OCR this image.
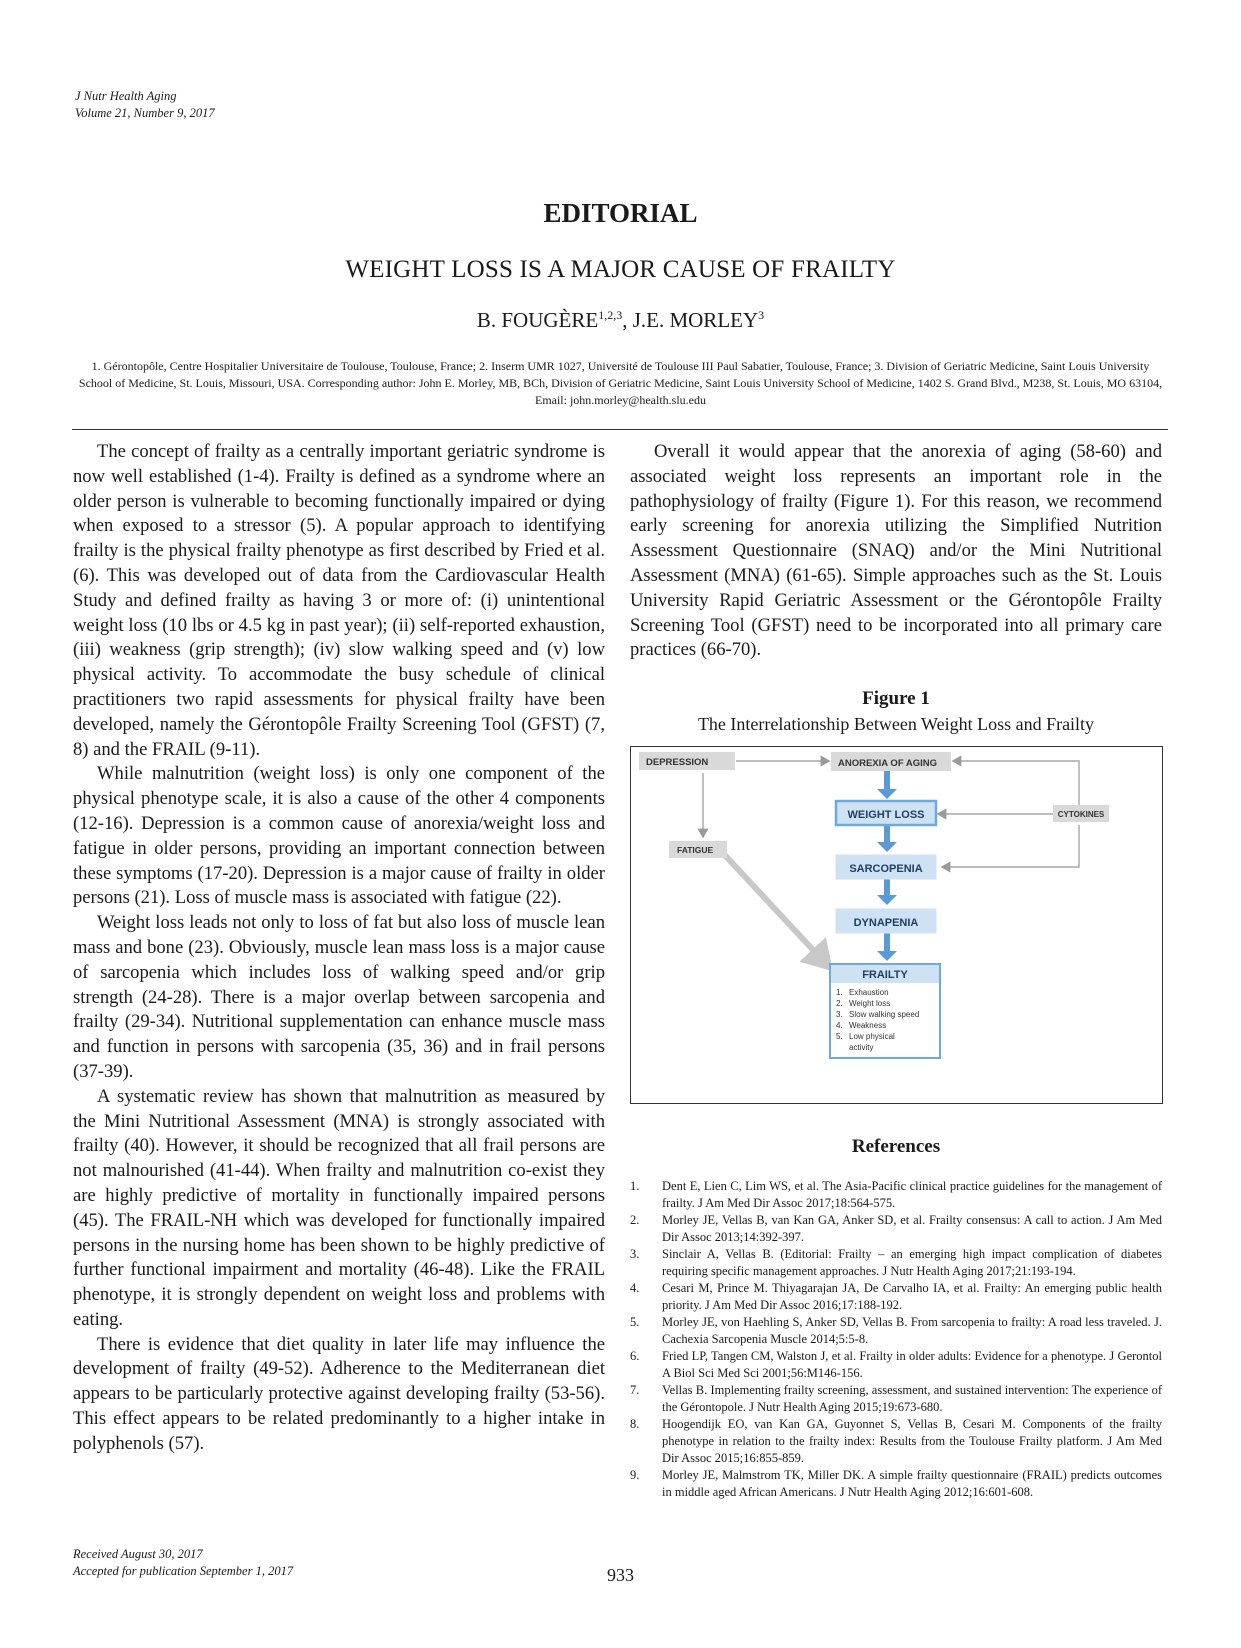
J Nutr Health Aging
Volume 21, Number 9, 2017
EDITORIAL
WEIGHT LOSS IS A MAJOR CAUSE OF FRAILTY
B. FOUGÈRE$^{1,2,3}$, J.E. MORLEY$^3$
1. Gérontopôle, Centre Hospitalier Universitaire de Toulouse, Toulouse, France; 2. Inserm UMR 1027, Université de Toulouse III Paul Sabatier, Toulouse, France; 3. Division of Geriatric Medicine, Saint Louis University School of Medicine, St. Louis, Missouri, USA. Corresponding author: John E. Morley, MB, BCh, Division of Geriatric Medicine, Saint Louis University School of Medicine, 1402 S. Grand Blvd., M238, St. Louis, MO 63104, Email: john.morley@health.slu.edu

The concept of frailty as a centrally important geriatric syndrome is now well established (1-4). Frailty is defined as a syndrome where an older person is vulnerable to becoming functionally impaired or dying when exposed to a stressor (5). A popular approach to identifying frailty is the physical frailty phenotype as first described by Fried et al. (6). This was developed out of data from the Cardiovascular Health Study and defined frailty as having 3 or more of: (i) unintentional weight loss (10 lbs or 4.5 kg in past year); (ii) self-reported exhaustion, (iii) weakness (grip strength); (iv) slow walking speed and (v) low physical activity. To accommodate the busy schedule of clinical practitioners two rapid assessments for physical frailty have been developed, namely the Gérontopôle Frailty Screening Tool (GFST) (7, 8) and the FRAIL (9-11).

While malnutrition (weight loss) is only one component of the physical phenotype scale, it is also a cause of the other 4 components (12-16). Depression is a common cause of anorexia/weight loss and fatigue in older persons, providing an important connection between these symptoms (17-20). Depression is a major cause of frailty in older persons (21). Loss of muscle mass is associated with fatigue (22).

Weight loss leads not only to loss of fat but also loss of muscle lean mass and bone (23). Obviously, muscle lean mass loss is a major cause of sarcopenia which includes loss of walking speed and/or grip strength (24-28). There is a major overlap between sarcopenia and frailty (29-34). Nutritional supplementation can enhance muscle mass and function in persons with sarcopenia (35, 36) and in frail persons (37-39).

A systematic review has shown that malnutrition as measured by the Mini Nutritional Assessment (MNA) is strongly associated with frailty (40). However, it should be recognized that all frail persons are not malnourished (41-44). When frailty and malnutrition co-exist they are highly predictive of mortality in functionally impaired persons (45). The FRAIL-NH which was developed for functionally impaired persons in the nursing home has been shown to be highly predictive of further functional impairment and mortality (46-48). Like the FRAIL phenotype, it is strongly dependent on weight loss and problems with eating.

There is evidence that diet quality in later life may influence the development of frailty (49-52). Adherence to the Mediterranean diet appears to be particularly protective against developing frailty (53-56). This effect appears to be related predominantly to a higher intake in polyphenols (57).

Overall it would appear that the anorexia of aging (58-60) and associated weight loss represents an important role in the pathophysiology of frailty (Figure 1). For this reason, we recommend early screening for anorexia utilizing the Simplified Nutrition Assessment Questionnaire (SNAQ) and/or the Mini Nutritional Assessment (MNA) (61-65). Simple approaches such as the St. Louis University Rapid Geriatric Assessment or the Gérontopôle Frailty Screening Tool (GFST) need to be incorporated into all primary care practices (66-70).

Figure 1
The Interrelationship Between Weight Loss and Frailty
DEPRESSION	ANOREXIA OF AGING
WEIGHT LOSS	CYTOKINES
FATIGUE
SARCOPENIA
DYNAPENIA
FRAILTY
1. Exhaustion
2. Weight loss
3. Slow walking speed
4. Weakness
5. Low physical
activity
References
1. Dent E, Lien C, Lim WS, et al. The Asia-Pacific clinical practice guidelines for the management of frailty. J Am Med Dir Assoc 2017;18:564-575.
2. Morley JE, Vellas B, van Kan GA, Anker SD, et al. Frailty consensus: A call to action. J Am Med Dir Assoc 2013;14:392-397.
3. Sinclair A, Vellas B. (Editorial: Frailty – an emerging high impact complication of diabetes requiring specific management approaches. J Nutr Health Aging 2017;21:193-194.
4. Cesari M, Prince M. Thiyagarajan JA, De Carvalho IA, et al. Frailty: An emerging public health priority. J Am Med Dir Assoc 2016;17:188-192.
5. Morley JE, von Haehling S, Anker SD, Vellas B. From sarcopenia to frailty: A road less traveled. J. Cachexia Sarcopenia Muscle 2014;5:5-8.
6. Fried LP, Tangen CM, Walston J, et al. Frailty in older adults: Evidence for a phenotype. J Gerontol A Biol Sci Med Sci 2001;56:M146-156.
7. Vellas B. Implementing frailty screening, assessment, and sustained intervention: The experience of the Gérontopole. J Nutr Health Aging 2015;19:673-680.
8. Hoogendijk EO, van Kan GA, Guyonnet S, Vellas B, Cesari M. Components of the frailty phenotype in relation to the frailty index: Results from the Toulouse Frailty platform. J Am Med Dir Assoc 2015;16:855-859.
9. Morley JE, Malmstrom TK, Miller DK. A simple frailty questionnaire (FRAIL) predicts outcomes in middle aged African Americans. J Nutr Health Aging 2012;16:601-608.
Received August 30, 2017
Accepted for publication September 1, 2017	933
